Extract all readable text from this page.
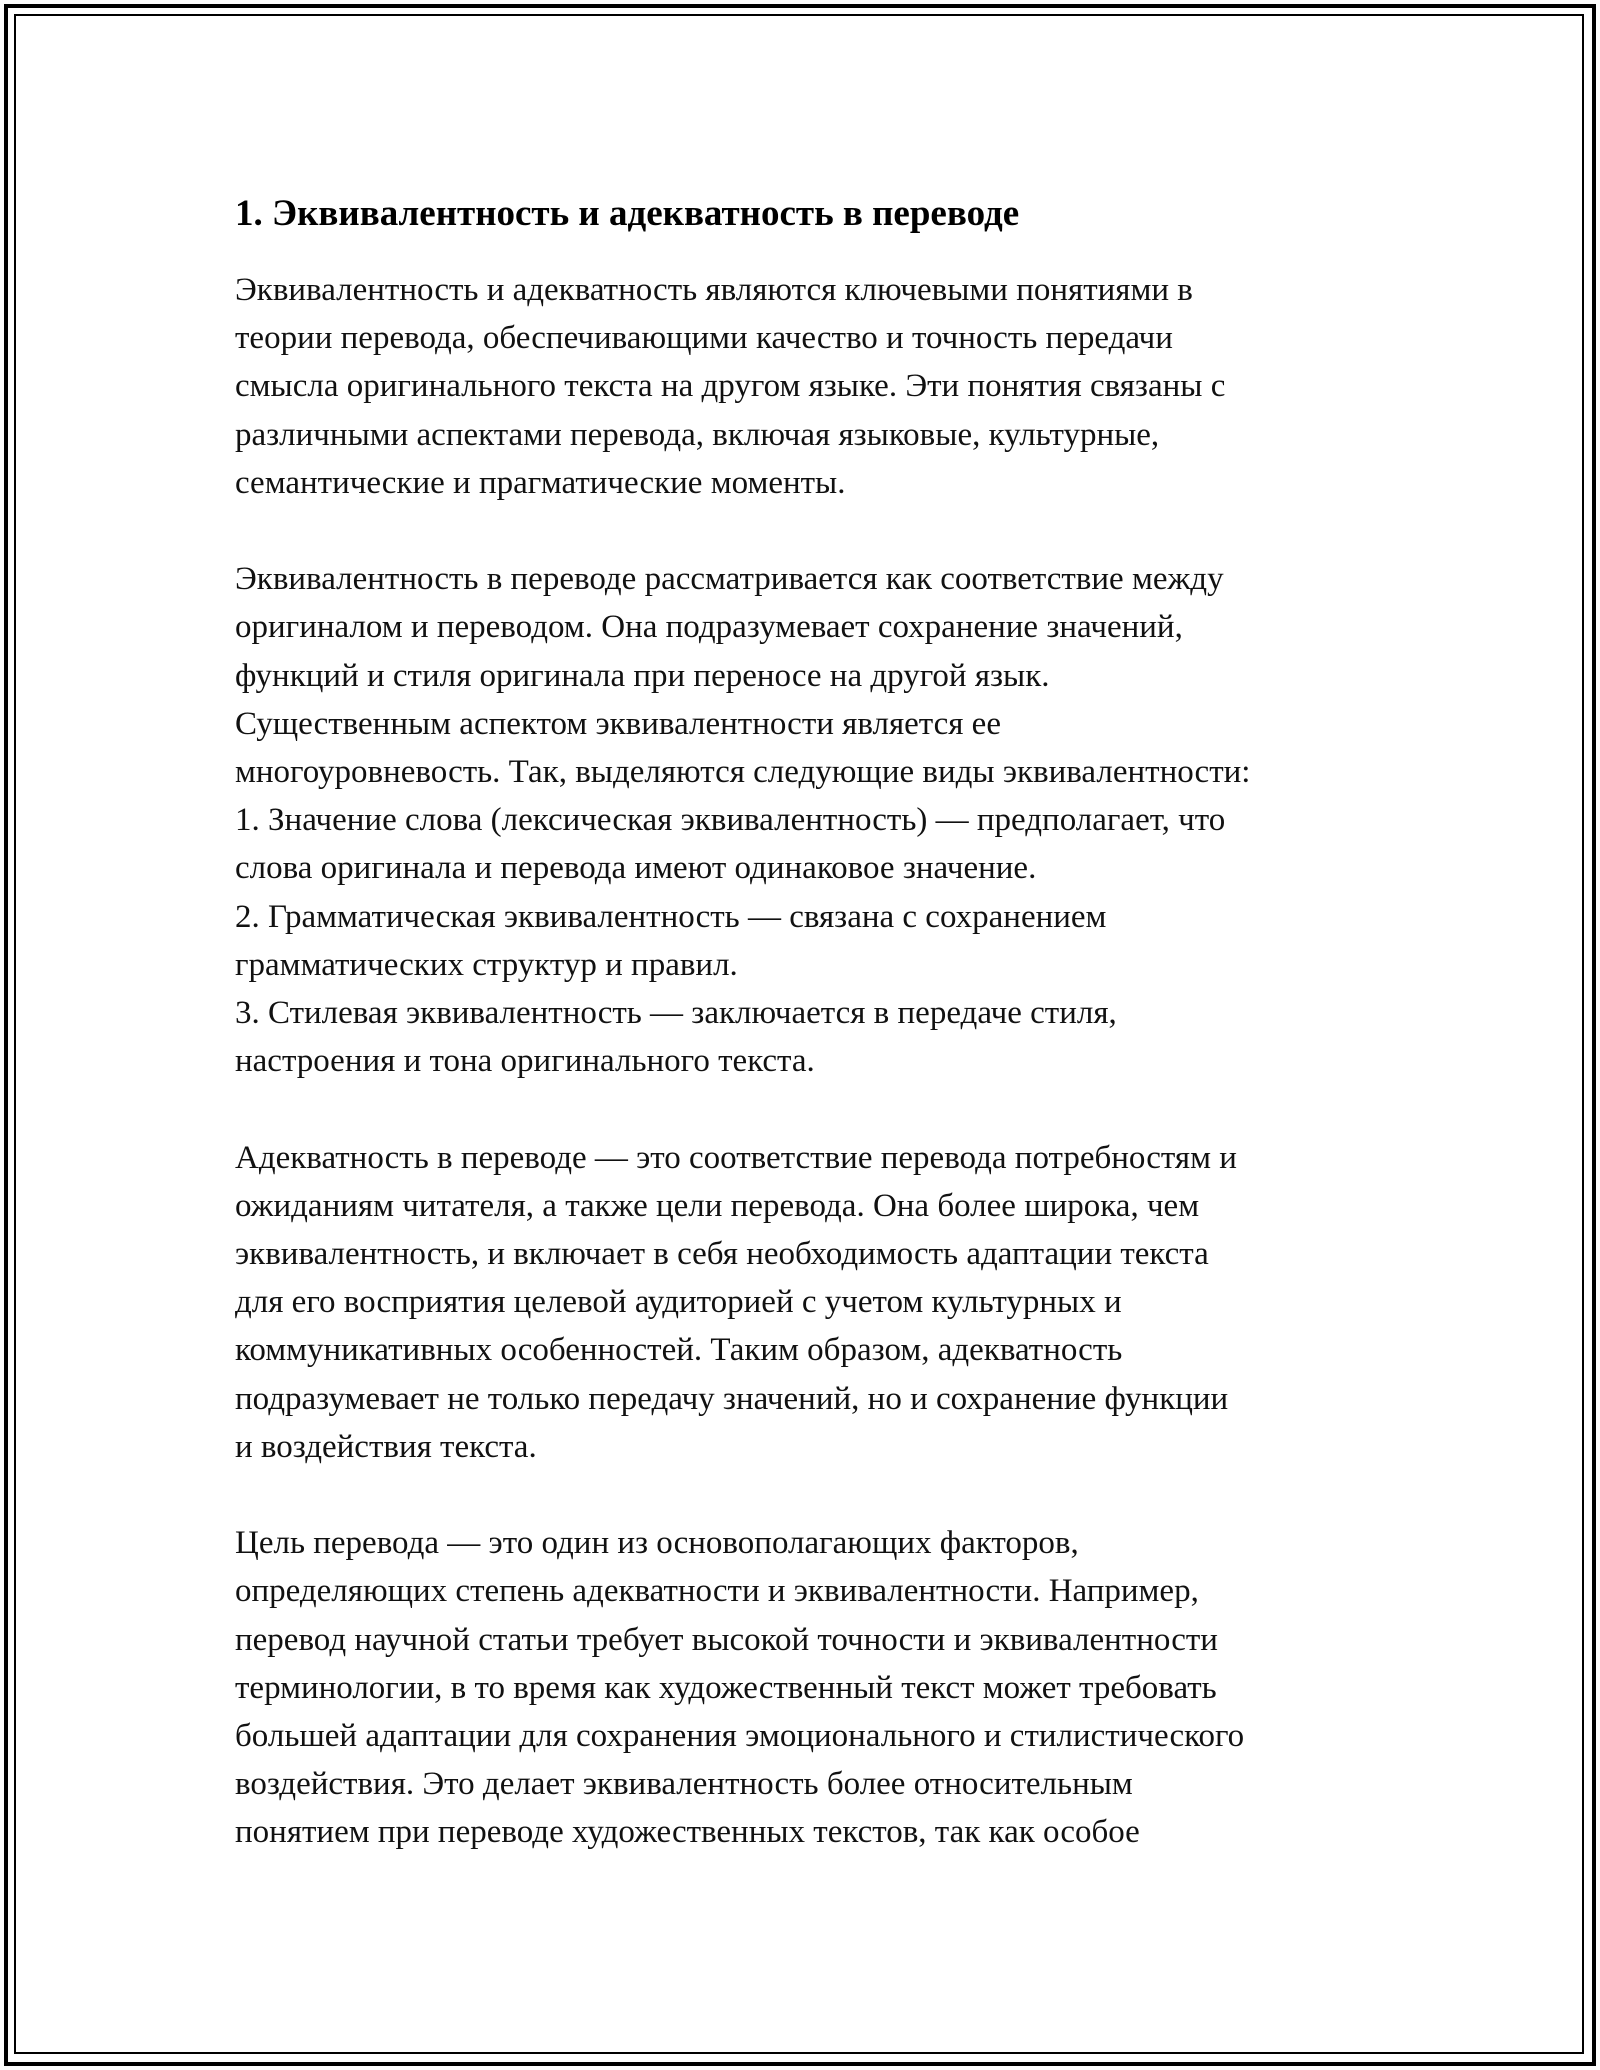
1. Эквивалентность и адекватность в переводе

Эквивалентность и адекватность являются ключевыми понятиями в
теории перевода, обеспечивающими качество и точность передачи
смысла оригинального текста на другом языке. Эти понятия связаны с
различными аспектами перевода, включая языковые, культурные,
семантические и прагматические моменты.

Эквивалентность в переводе рассматривается как соответствие между
оригиналом и переводом. Она подразумевает сохранение значений,
функций и стиля оригинала при переносе на другой язык.
Существенным аспектом эквивалентности является ее
многоуровневость. Так, выделяются следующие виды эквивалентности:
1. Значение слова (лексическая эквивалентность) — предполагает, что
слова оригинала и перевода имеют одинаковое значение.
2. Грамматическая эквивалентность — связана с сохранением
грамматических структур и правил.
3. Стилевая эквивалентность — заключается в передаче стиля,
настроения и тона оригинального текста.

Адекватность в переводе — это соответствие перевода потребностям и
ожиданиям читателя, а также цели перевода. Она более широка, чем
эквивалентность, и включает в себя необходимость адаптации текста
для его восприятия целевой аудиторией с учетом культурных и
коммуникативных особенностей. Таким образом, адекватность
подразумевает не только передачу значений, но и сохранение функции
и воздействия текста.

Цель перевода — это один из основополагающих факторов,
определяющих степень адекватности и эквивалентности. Например,
перевод научной статьи требует высокой точности и эквивалентности
терминологии, в то время как художественный текст может требовать
большей адаптации для сохранения эмоционального и стилистического
воздействия. Это делает эквивалентность более относительным
понятием при переводе художественных текстов, так как особое
